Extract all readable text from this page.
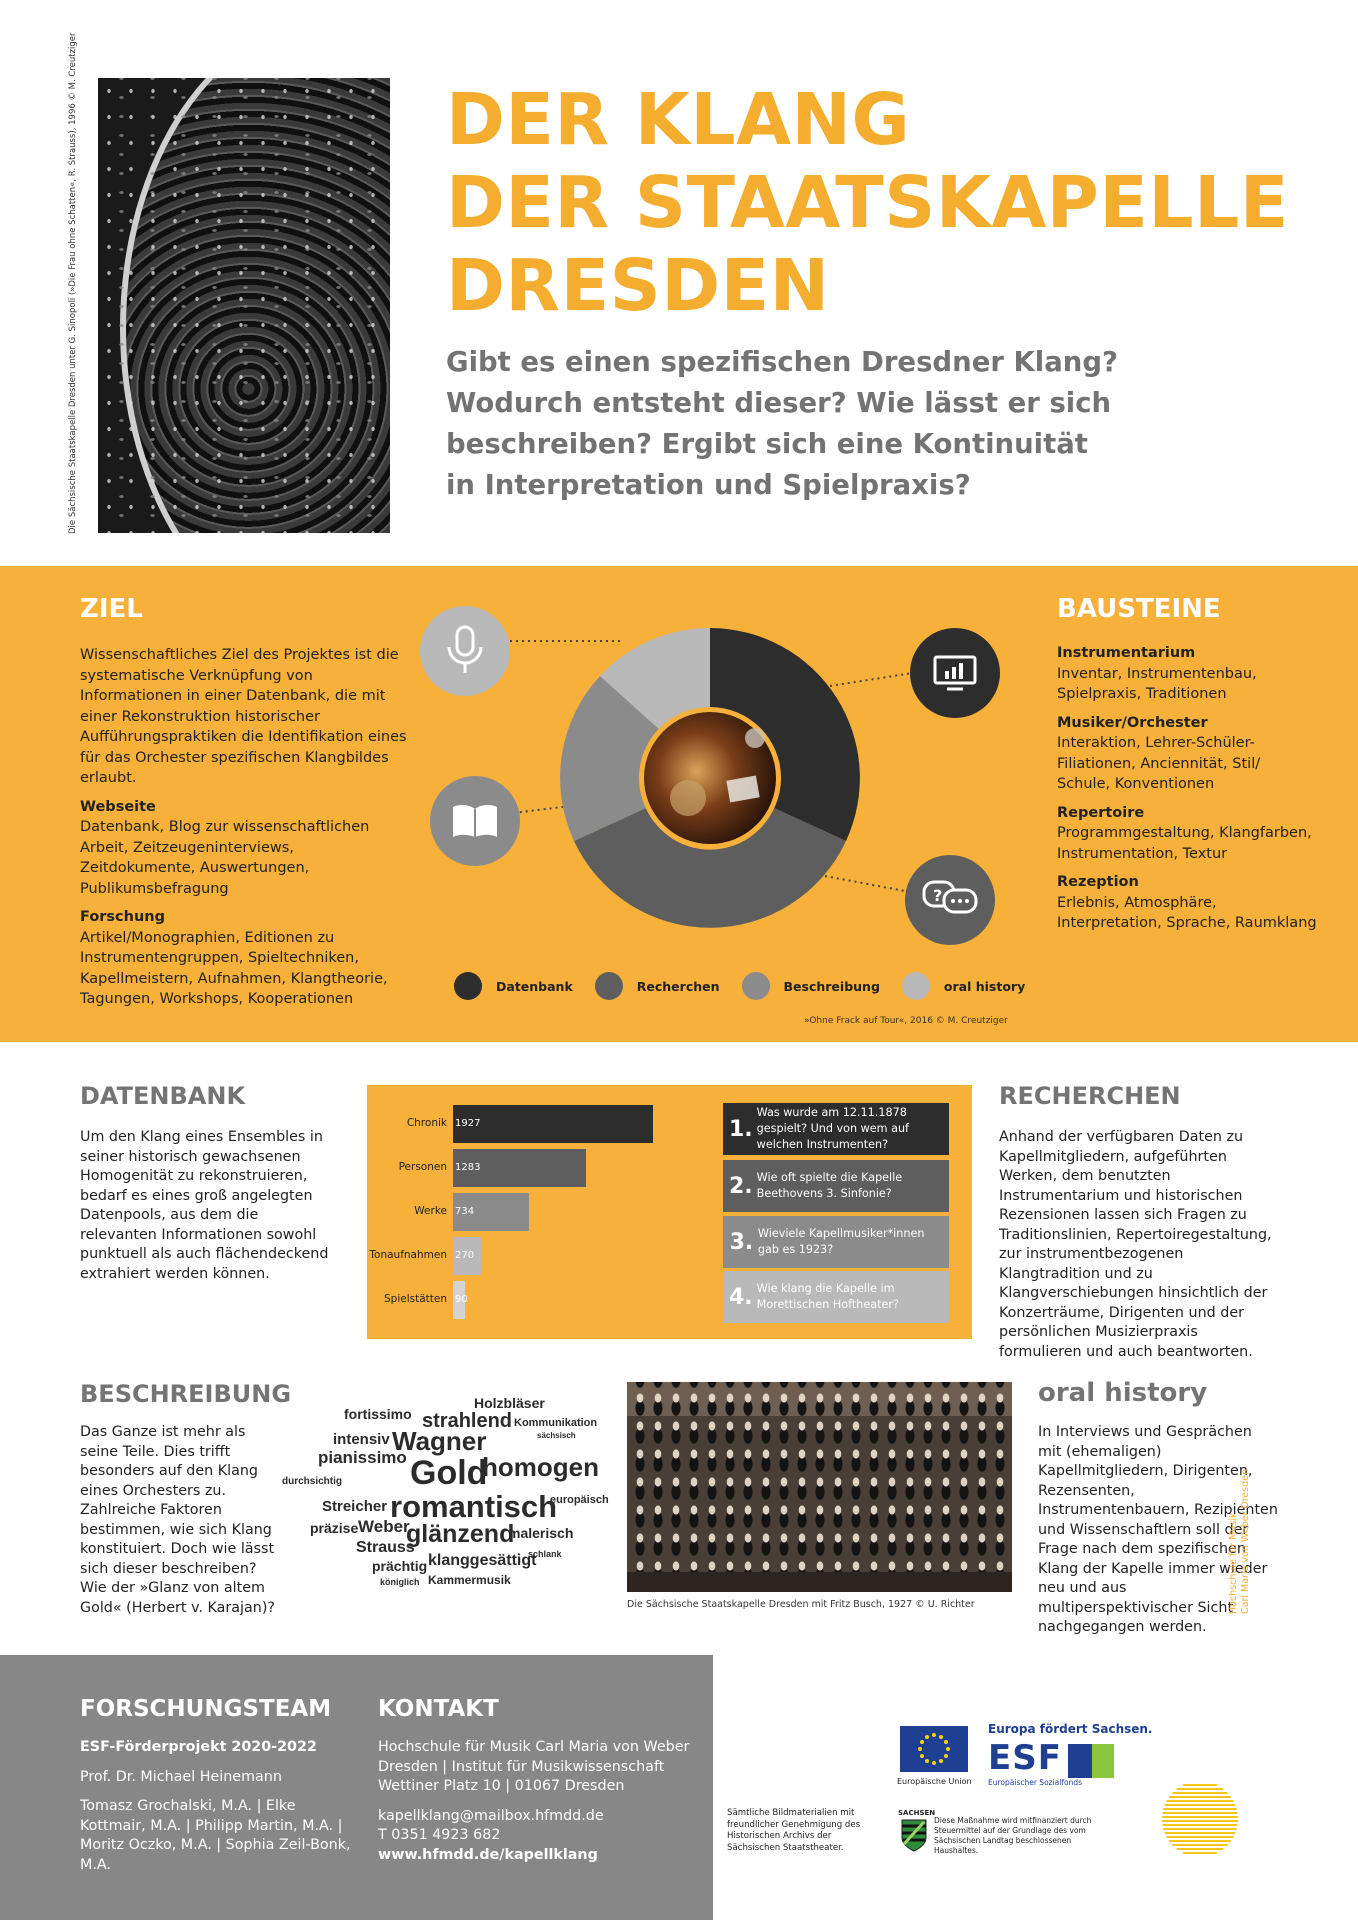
Die Sächsische Staatskapelle Dresden unter G. Sinopoli (»Die Frau ohne Schatten«, R. Strauss), 1996 © M. Creutziger	DER KLANG
DER STAATSKAPELLE
DRESDEN
Gibt es einen spezifischen Dresdner Klang?
Wodurch entsteht dieser? Wie lässt er sich
beschreiben? Ergibt sich eine Kontinuität
in Interpretation und Spielpraxis?
ZIEL
Wissenschaftliches Ziel des Projektes ist die systematische Verknüpfung von Informationen in einer Datenbank, die mit einer Rekonstruktion historischer Aufführungspraktiken die Identifikation eines für das Orchester spezifischen Klangbildes erlaubt.
Webseite
Datenbank, Blog zur wissenschaftlichen Arbeit, Zeitzeugeninterviews, Zeitdokumente, Auswertungen, Publikumsbefragung
Forschung
Artikel/Monographien, Editionen zu Instrumentengruppen, Spieltechniken, Kapellmeistern, Aufnahmen, Klangtheorie, Tagungen, Workshops, Kooperationen
BAUSTEINE
Instrumentarium
Inventar, Instrumentenbau, Spielpraxis, Traditionen
Musiker/Orchester
Interaktion, Lehrer-Schüler-Filiationen, Anciennität, Stil/ Schule, Konventionen
Repertoire
Programmgestaltung, Klangfarben, Instrumentation, Textur
Rezeption
Erlebnis, Atmosphäre, Interpretation, Sprache, Raumklang
?
Datenbank	Recherchen	Beschreibung	oral history
»Ohne Frack auf Tour«, 2016 © M. Creutziger
DATENBANK
Um den Klang eines Ensembles in seiner historisch gewachsenen Homogenität zu rekonstruieren, bedarf es eines groß angelegten Datenpools, aus dem die relevanten Informationen sowohl punktuell als auch flächendeckend extrahiert werden können.
Chronik 1927
Personen 1283
Werke 734
Tonaufnahmen 270
Spielstätten 90
1.
Was wurde am 12.11.1878 gespielt? Und von wem auf welchen Instrumenten?
2. Wie oft spielte die Kapelle Beethovens 3. Sinfonie?
3. Wieviele Kapellmusiker*innen gab es 1923?
4. Wie klang die Kapelle im Morettischen Hoftheater?
RECHERCHEN
Anhand der verfügbaren Daten zu Kapellmitgliedern, aufgeführten Werken, dem benutzten Instrumentarium und historischen Rezensionen lassen sich Fragen zu Traditionslinien, Repertoiregestaltung, zur instrumentbezogenen Klangtradition und zu Klangverschiebungen hinsichtlich der Konzerträume, Dirigenten und der persönlichen Musizierpraxis formulieren und auch beantworten.
BESCHREIBUNG
Das Ganze ist mehr als seine Teile. Dies trifft besonders auf den Klang eines Orchesters zu. Zahlreiche Faktoren bestimmen, wie sich Klang konstituiert. Doch wie lässt sich dieser beschreiben? Wie der »Glanz von altem Gold« (Herbert v. Karajan)?
Holzbläser
fortissimo strahlend Kommunikation
intensiv Wagner	sächsisch
pianissimo Gold
homogen
durchsichtig
Streicher romantisch
europäisch
präzise Weber
glänzend
malerisch
Strauss	schlank
prächtig klanggesättigt
königlich Kammermusik
Die Sächsische Staatskapelle Dresden mit Fritz Busch, 1927 © U. Richter
oral history
In Interviews und Gesprächen mit (ehemaligen) Kapellmitgliedern, Dirigenten, Rezensenten, Instrumentenbauern, Rezipienten und Wissenschaftlern soll der Frage nach dem spezifischen Klang der Kapelle immer wieder neu und aus multiperspektivischer Sicht nachgegangen werden.
FORSCHUNGSTEAM
ESF-Förderprojekt 2020-2022
Prof. Dr. Michael Heinemann
Tomasz Grochalski, M.A. | Elke Kottmair, M.A. | Philipp Martin, M.A. | Moritz Oczko, M.A. | Sophia Zeil-Bonk, M.A.
KONTAKT
Hochschule für Musik Carl Maria von Weber Dresden | Institut für Musikwissenschaft Wettiner Platz 10 | 01067 Dresden
kapellklang@mailbox.hfmdd.de
T 0351 4923 682
www.hfmdd.de/kapellklang
Europäische Union
Europa fördert Sachsen.
ESF
Europäischer Sozialfonds
Sämtliche Bildmaterialien mit freundlicher Genehmigung des Historischen Archivs der Sächsischen Staatstheater.
SACHSEN
Diese Maßnahme wird mitfinanziert durch Steuermittel auf der Grundlage des vom Sächsischen Landtag beschlossenen Haushaltes.
Hochschule für Musik Carl Maria von Weber Dresden
